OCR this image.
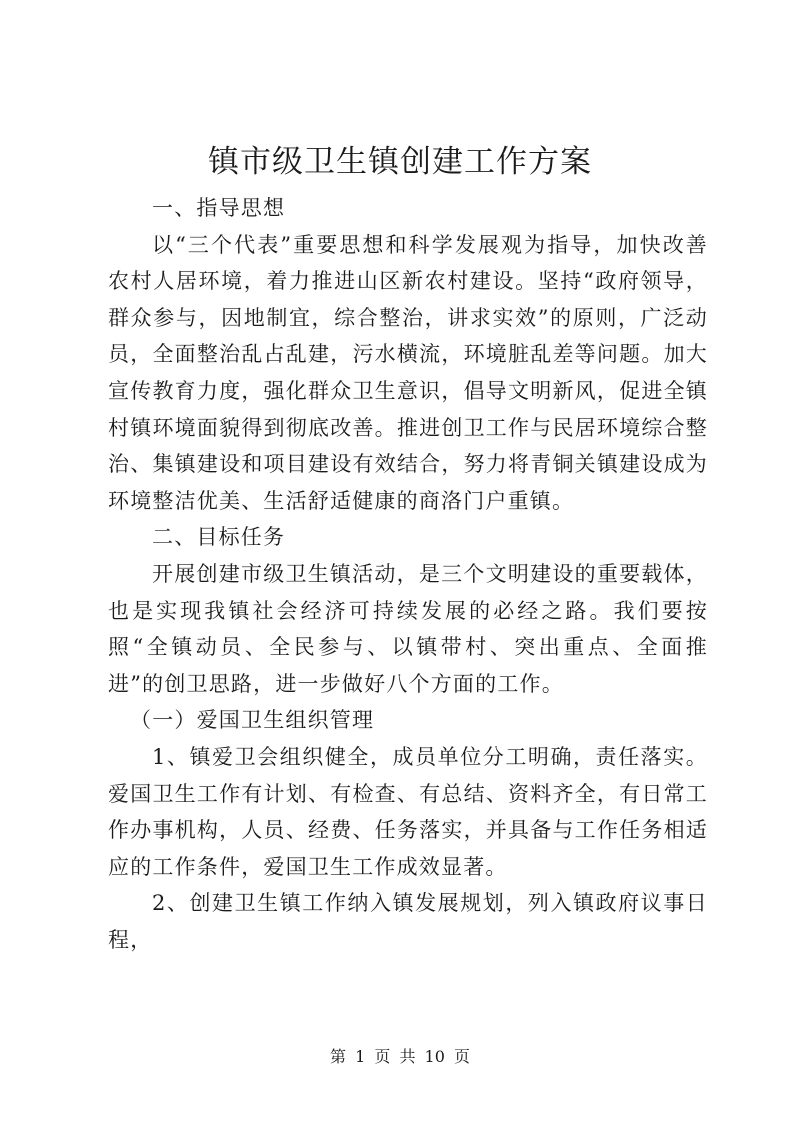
镇市级卫生镇创建工作方案

一、指导思想

以“三个代表”重要思想和科学发展观为指导，加快改善农村人居环境，着力推进山区新农村建设。坚持“政府领导，群众参与，因地制宜，综合整治，讲求实效”的原则，广泛动员，全面整治乱占乱建，污水横流，环境脏乱差等问题。加大宣传教育力度，强化群众卫生意识，倡导文明新风，促进全镇村镇环境面貌得到彻底改善。推进创卫工作与民居环境综合整治、集镇建设和项目建设有效结合，努力将青铜关镇建设成为环境整洁优美、生活舒适健康的商洛门户重镇。

二、目标任务

开展创建市级卫生镇活动，是三个文明建设的重要载体，也是实现我镇社会经济可持续发展的必经之路。我们要按照“全镇动员、全民参与、以镇带村、突出重点、全面推进”的创卫思路，进一步做好八个方面的工作。

（一）爱国卫生组织管理

1、镇爱卫会组织健全，成员单位分工明确，责任落实。爱国卫生工作有计划、有检查、有总结、资料齐全，有日常工作办事机构，人员、经费、任务落实，并具备与工作任务相适应的工作条件，爱国卫生工作成效显著。

2、创建卫生镇工作纳入镇发展规划，列入镇政府议事日程，

第 1 页 共 10 页
